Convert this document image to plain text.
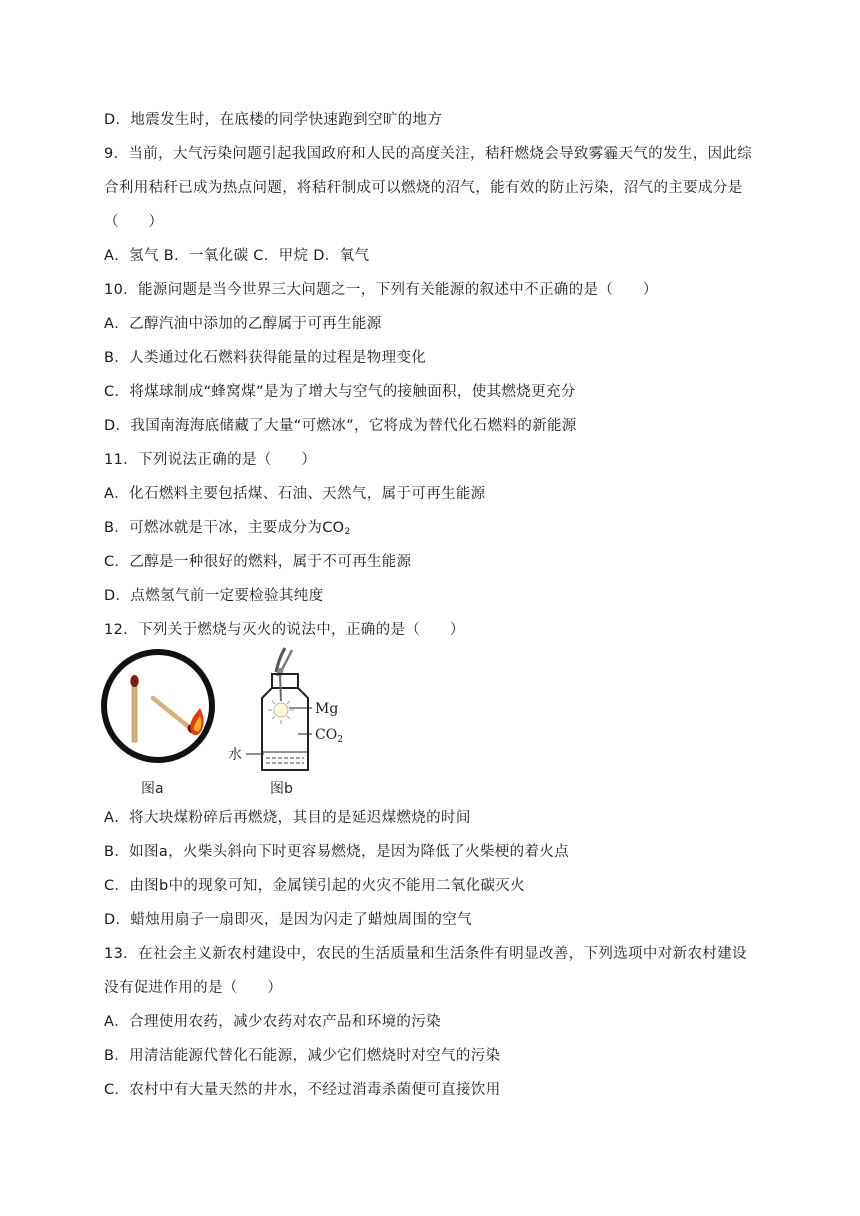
D．地震发生时，在底楼的同学快速跑到空旷的地方
9．当前，大气污染问题引起我国政府和人民的高度关注，秸秆燃烧会导致雾霾天气的发生，因此综
合利用秸秆已成为热点问题，将秸秆制成可以燃烧的沼气，能有效的防止污染，沼气的主要成分是
（　　）
A．氢气 B．一氧化碳 C．甲烷 D．氧气
10．能源问题是当今世界三大问题之一，下列有关能源的叙述中不正确的是（　　）
A．乙醇汽油中添加的乙醇属于可再生能源
B．人类通过化石燃料获得能量的过程是物理变化
C．将煤球制成“蜂窝煤”是为了增大与空气的接触面积，使其燃烧更充分
D．我国南海海底储藏了大量“可燃冰”，它将成为替代化石燃料的新能源
11．下列说法正确的是（　　）
A．化石燃料主要包括煤、石油、天然气，属于可再生能源
B．可燃冰就是干冰，主要成分为$CO_2$
C．乙醇是一种很好的燃料，属于不可再生能源
D．点燃氢气前一定要检验其纯度
12．下列关于燃烧与灭火的说法中，正确的是（　　）
图a
Mg
$CO_2$
水
图b
A．将大块煤粉碎后再燃烧，其目的是延迟煤燃烧的时间
B．如图a，火柴头斜向下时更容易燃烧，是因为降低了火柴梗的着火点
C．由图b中的现象可知，金属镁引起的火灾不能用二氧化碳灭火
D．蜡烛用扇子一扇即灭，是因为闪走了蜡烛周围的空气
13．在社会主义新农村建设中，农民的生活质量和生活条件有明显改善，下列选项中对新农村建设
没有促进作用的是（　　）
A．合理使用农药，减少农药对农产品和环境的污染
B．用清洁能源代替化石能源，减少它们燃烧时对空气的污染
C．农村中有大量天然的井水，不经过消毒杀菌便可直接饮用
